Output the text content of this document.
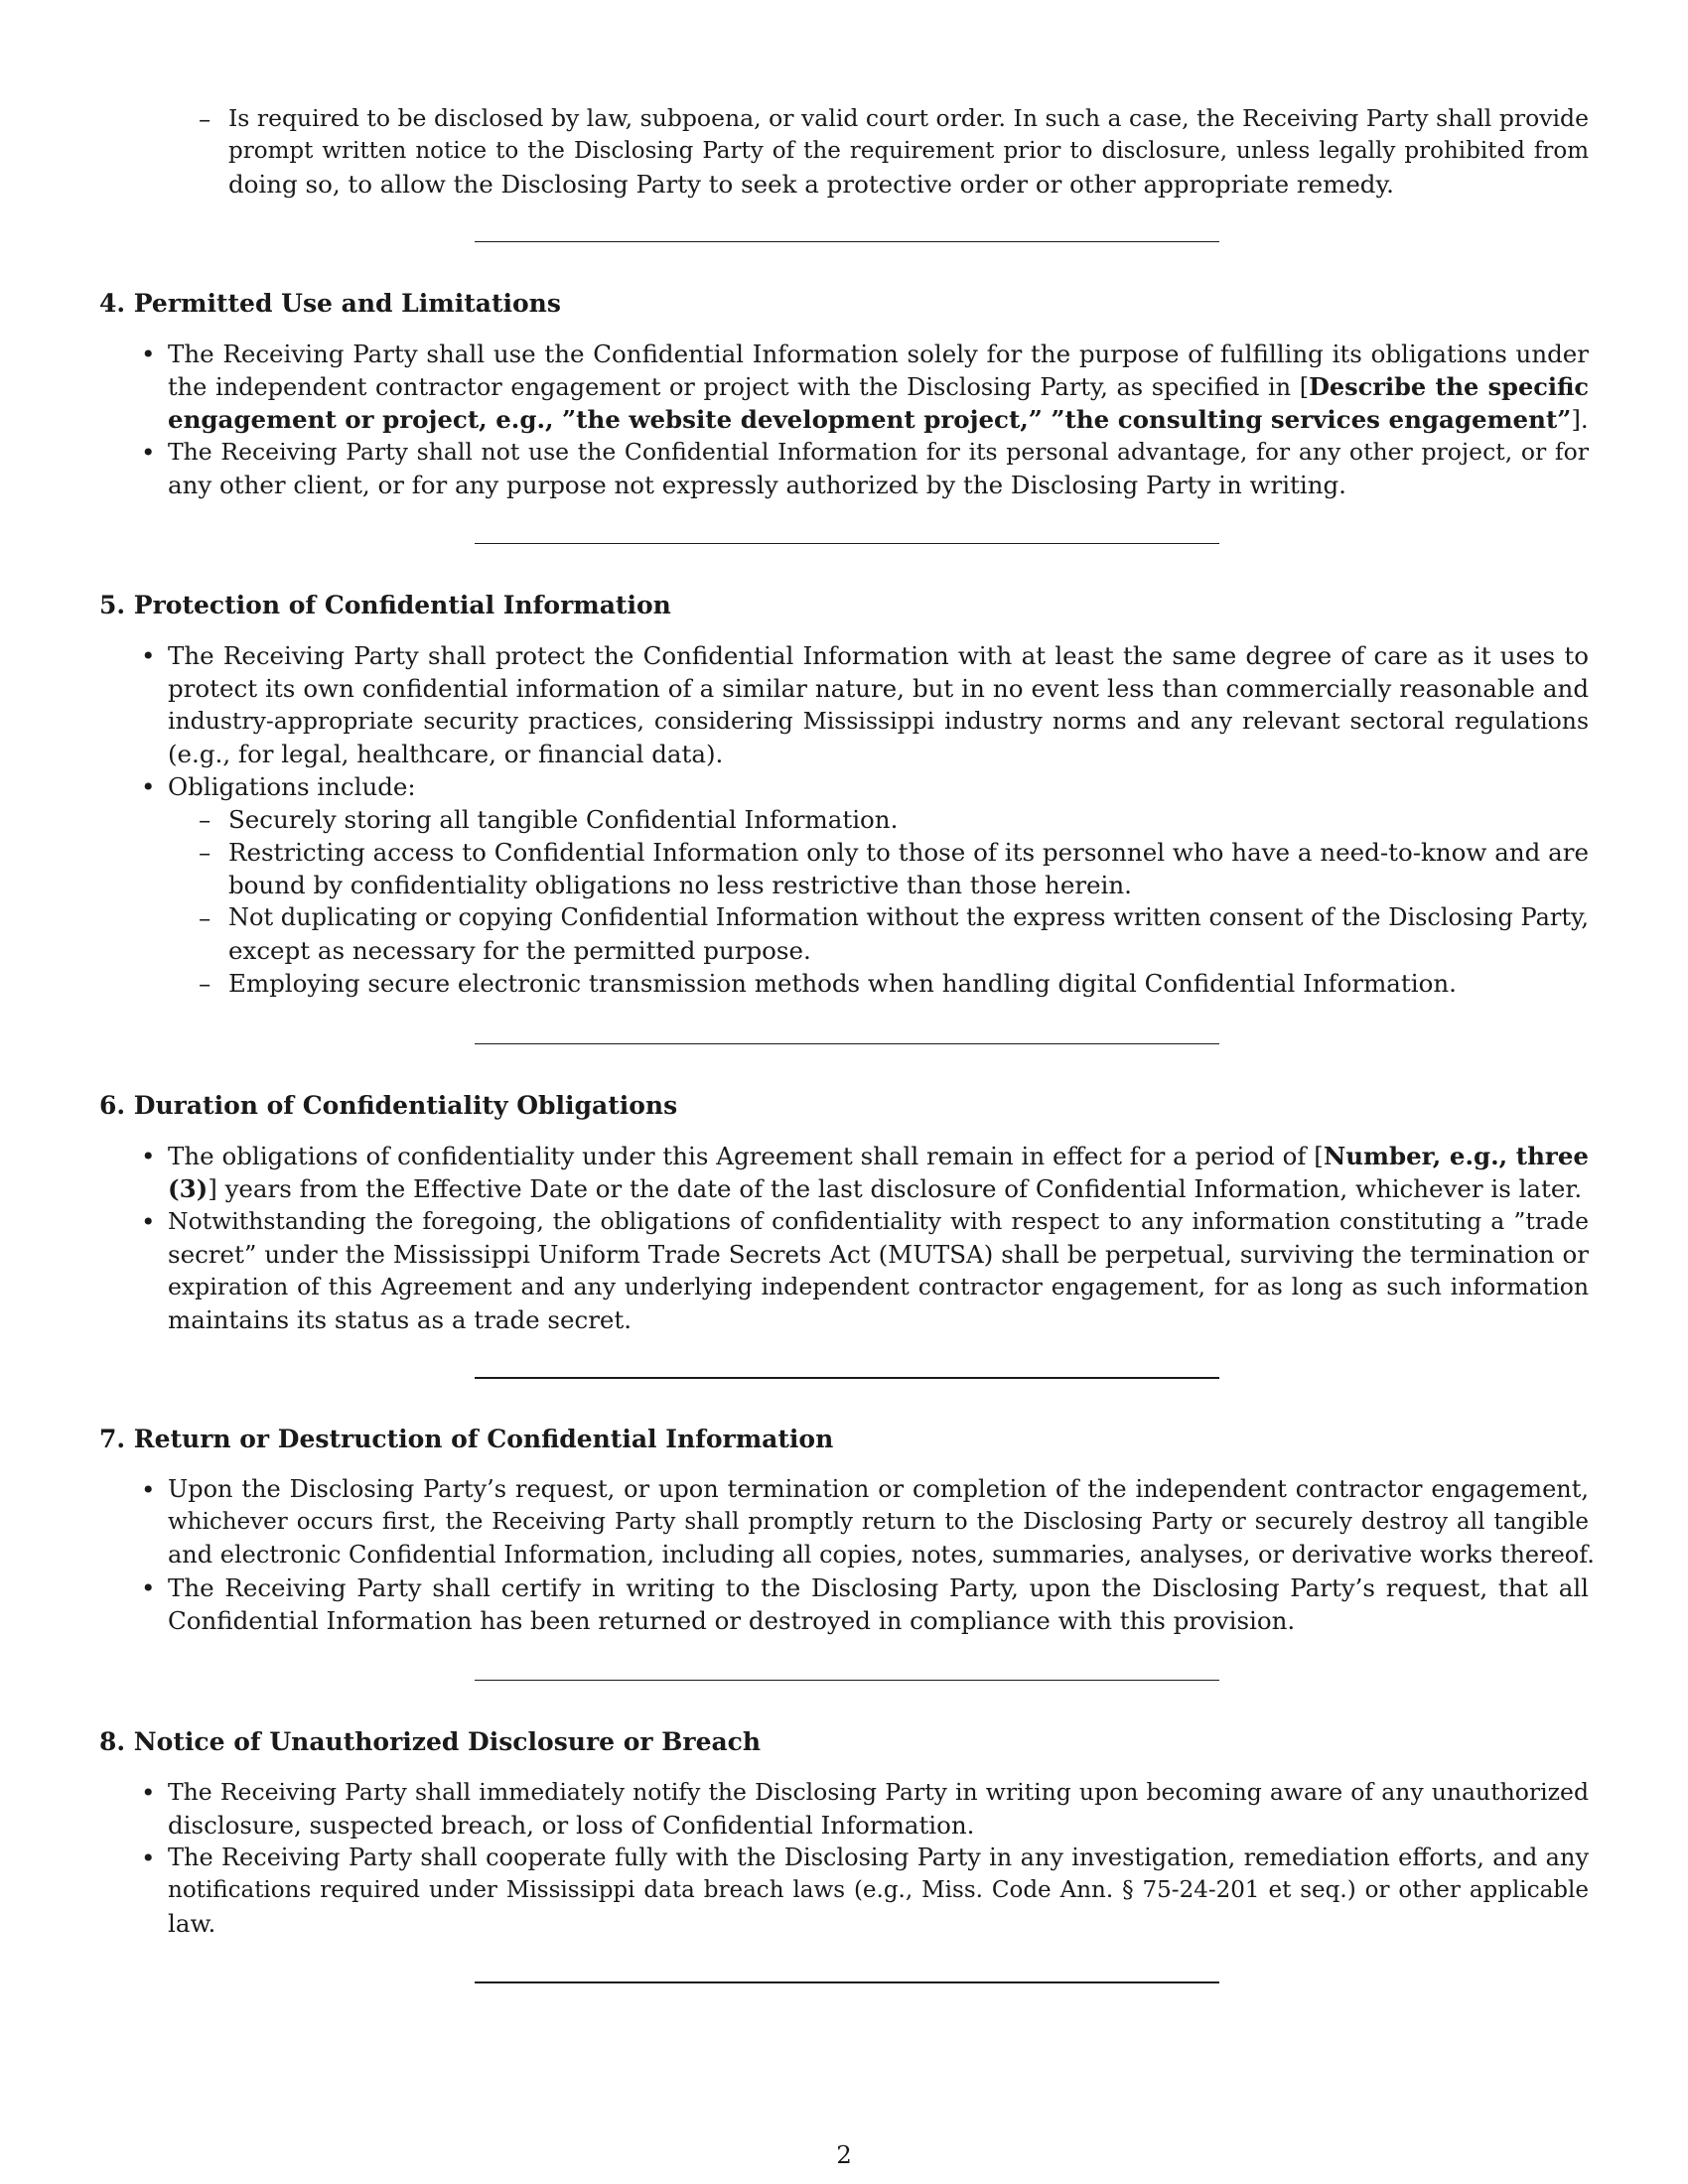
– Is required to be disclosed by law, subpoena, or valid court order. In such a case, the Receiving Party shall provide
prompt written notice to the Disclosing Party of the requirement prior to disclosure, unless legally prohibited from
doing so, to allow the Disclosing Party to seek a protective order or other appropriate remedy.
4. Permitted Use and Limitations
• The Receiving Party shall use the Confidential Information solely for the purpose of fulfilling its obligations under
the independent contractor engagement or project with the Disclosing Party, as specified in [Describe the specific
engagement or project, e.g., ”the website development project,” ”the consulting services engagement”].
• The Receiving Party shall not use the Confidential Information for its personal advantage, for any other project, or for
any other client, or for any purpose not expressly authorized by the Disclosing Party in writing.
5. Protection of Confidential Information
• The Receiving Party shall protect the Confidential Information with at least the same degree of care as it uses to
protect its own confidential information of a similar nature, but in no event less than commercially reasonable and
industry-appropriate security practices, considering Mississippi industry norms and any relevant sectoral regulations
(e.g., for legal, healthcare, or financial data).
• Obligations include:
– Securely storing all tangible Confidential Information.
– Restricting access to Confidential Information only to those of its personnel who have a need-to-know and are
bound by confidentiality obligations no less restrictive than those herein.
– Not duplicating or copying Confidential Information without the express written consent of the Disclosing Party,
except as necessary for the permitted purpose.
– Employing secure electronic transmission methods when handling digital Confidential Information.
6. Duration of Confidentiality Obligations
• The obligations of confidentiality under this Agreement shall remain in effect for a period of [Number, e.g., three
(3)] years from the Effective Date or the date of the last disclosure of Confidential Information, whichever is later.
• Notwithstanding the foregoing, the obligations of confidentiality with respect to any information constituting a ”trade
secret” under the Mississippi Uniform Trade Secrets Act (MUTSA) shall be perpetual, surviving the termination or
expiration of this Agreement and any underlying independent contractor engagement, for as long as such information
maintains its status as a trade secret.
7. Return or Destruction of Confidential Information
• Upon the Disclosing Party’s request, or upon termination or completion of the independent contractor engagement,
whichever occurs first, the Receiving Party shall promptly return to the Disclosing Party or securely destroy all tangible
and electronic Confidential Information, including all copies, notes, summaries, analyses, or derivative works thereof.
• The Receiving Party shall certify in writing to the Disclosing Party, upon the Disclosing Party’s request, that all
Confidential Information has been returned or destroyed in compliance with this provision.
8. Notice of Unauthorized Disclosure or Breach
• The Receiving Party shall immediately notify the Disclosing Party in writing upon becoming aware of any unauthorized
disclosure, suspected breach, or loss of Confidential Information.
• The Receiving Party shall cooperate fully with the Disclosing Party in any investigation, remediation efforts, and any
notifications required under Mississippi data breach laws (e.g., Miss. Code Ann. § 75-24-201 et seq.) or other applicable
law.
2
